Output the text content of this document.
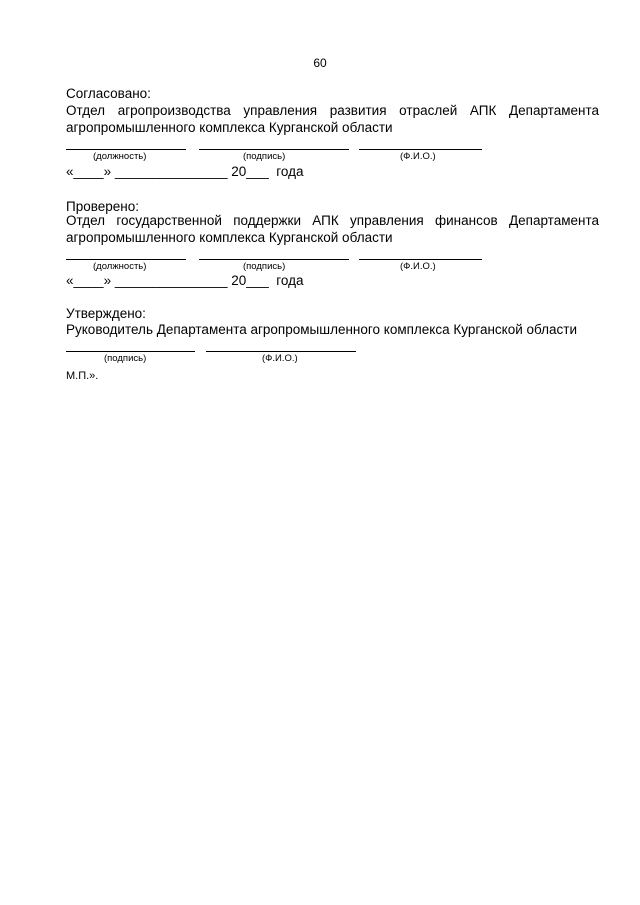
60
Согласовано:
Отдел агропроизводства управления развития отраслей АПК Департамента
агропромышленного комплекса Курганской области
(должность)	(подпись)	(Ф.И.О.)
«____» _______________ 20___ года
Проверено:
Отдел государственной поддержки АПК управления финансов Департамента
агропромышленного комплекса Курганской области
(должность)	(подпись)	(Ф.И.О.)
«____» _______________ 20___ года
Утверждено:
Руководитель Департамента агропромышленного комплекса Курганской области
(подпись)	(Ф.И.О.)
М.П.».
